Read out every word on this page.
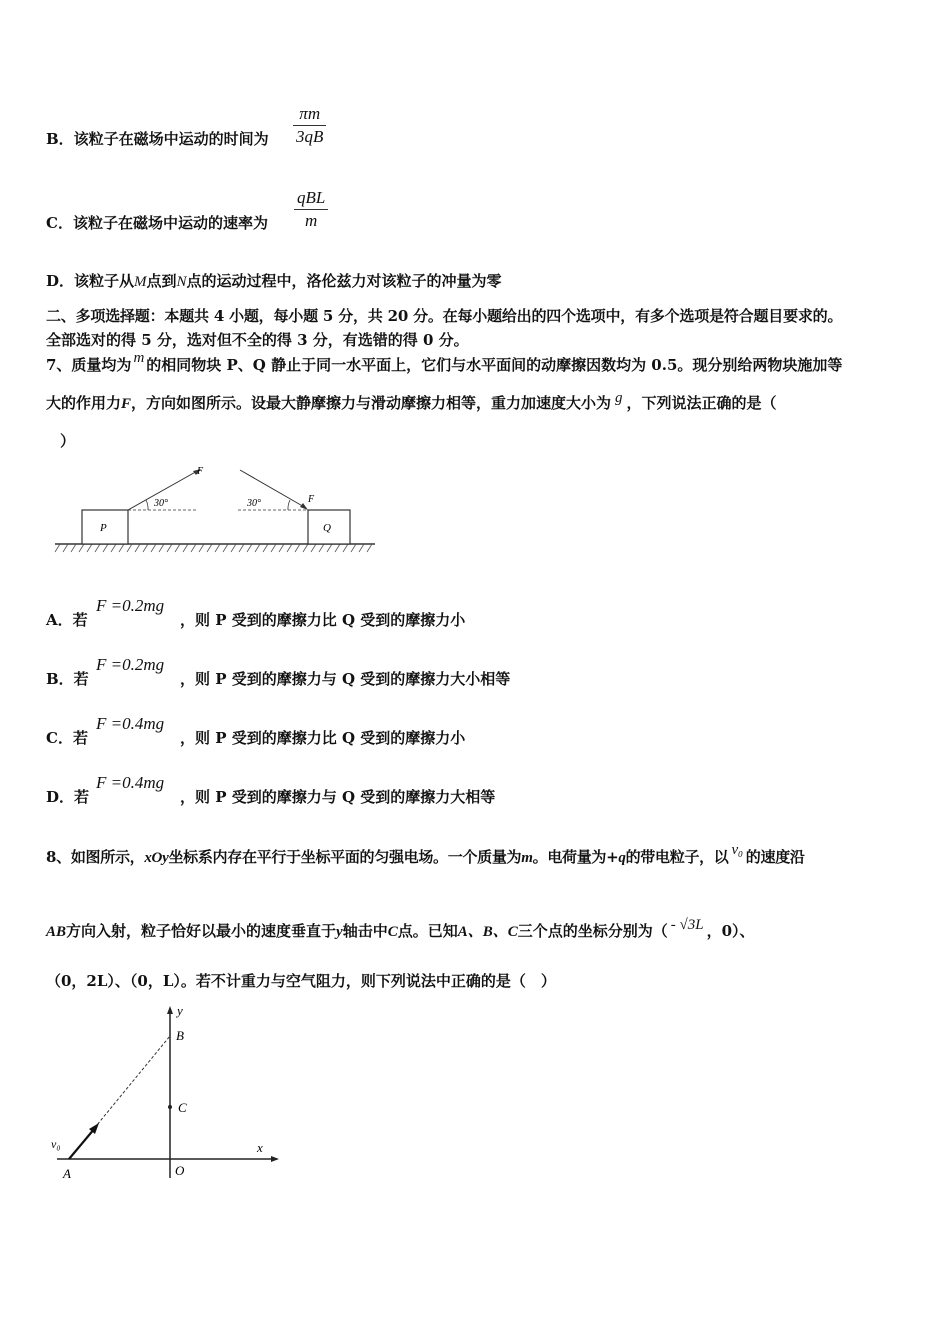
B．该粒子在磁场中运动的时间为
πm
3qB
C．该粒子在磁场中运动的速率为
qBL
m
D．该粒子从M点到N点的运动过程中，洛伦兹力对该粒子的冲量为零
二、多项选择题：本题共 4 小题，每小题 5 分，共 20 分。在每小题给出的四个选项中，有多个选项是符合题目要求的。
全部选对的得 5 分，选对但不全的得 3 分，有选错的得 0 分。
7、质量均为 m 的相同物块 P、Q 静止于同一水平面上，它们与水平面间的动摩擦因数均为 0.5。现分别给两物块施加等
大的作用力F，方向如图所示。设最大静摩擦力与滑动摩擦力相等，重力加速度大小为 g ，下列说法正确的是（
）
P
F
30°
Q
F
30°
A．若
F =0.2mg
，则 P 受到的摩擦力比 Q 受到的摩擦力小
B．若
F =0.2mg
，则 P 受到的摩擦力与 Q 受到的摩擦力大小相等
C．若
F =0.4mg
，则 P 受到的摩擦力比 Q 受到的摩擦力小
D．若
F =0.4mg
，则 P 受到的摩擦力与 Q 受到的摩擦力大相等
8、如图所示，xOy坐标系内存在平行于坐标平面的匀强电场。一个质量为m。电荷量为+q的带电粒子，以 v₀ 的速度沿
AB方向入射，粒子恰好以最小的速度垂直于y轴击中C点。已知A、B、C三个点的坐标分别为（ - √3L ，0）、
（0，2L）、（0，L）。若不计重力与空气阻力，则下列说法中正确的是（　）
x
y
B
C
O
A
v₀
